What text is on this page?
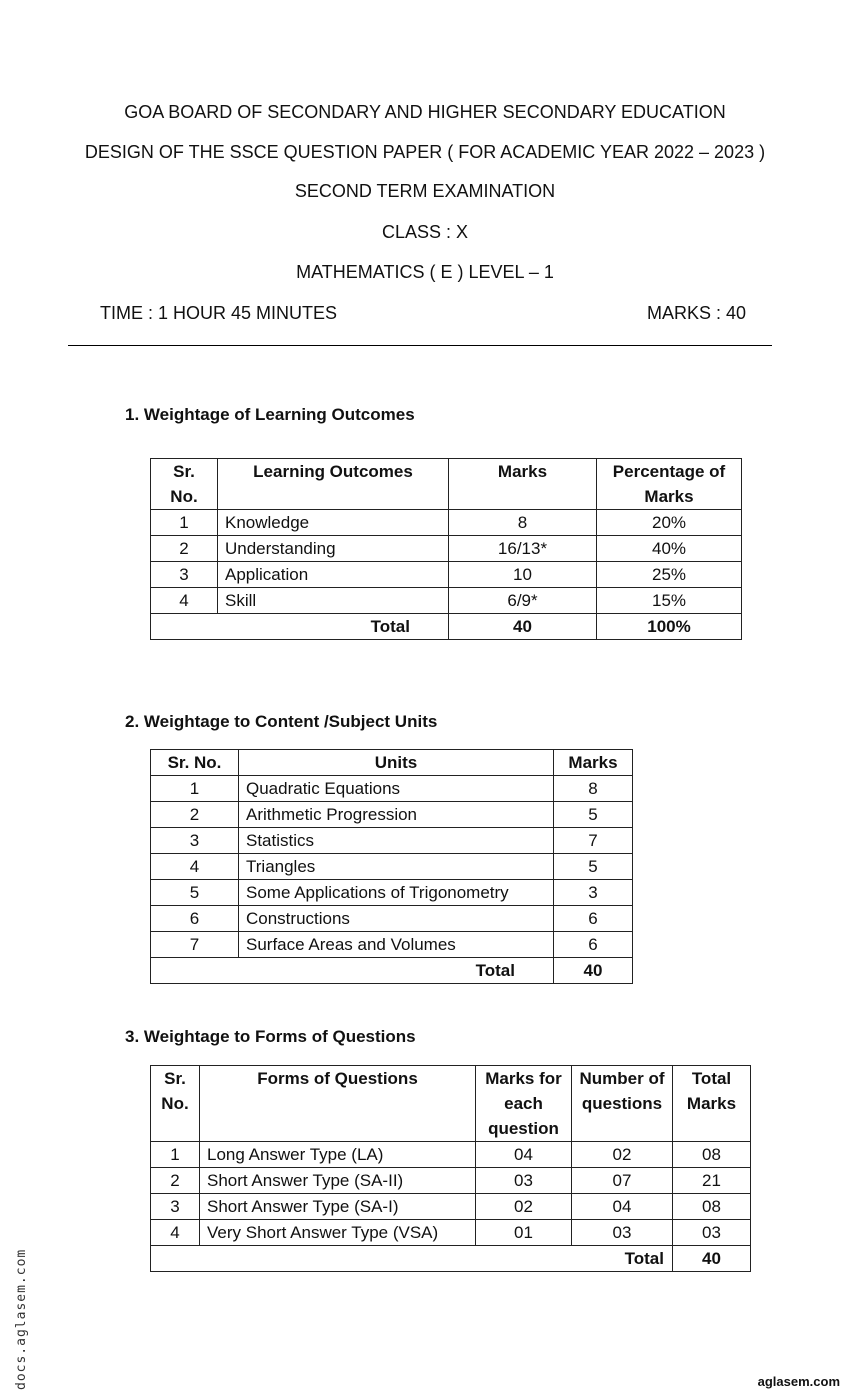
GOA BOARD OF SECONDARY AND HIGHER SECONDARY EDUCATION
DESIGN OF THE SSCE QUESTION PAPER ( FOR ACADEMIC YEAR 2022 – 2023 )
SECOND TERM EXAMINATION
CLASS : X
MATHEMATICS ( E ) LEVEL – 1
TIME : 1 HOUR 45 MINUTES	MARKS : 40
1. Weightage of Learning Outcomes
Sr. No.	Learning Outcomes	Marks	Percentage of Marks
1	Knowledge	8	20%
2	Understanding	16/13*	40%
3	Application	10	25%
4	Skill	6/9*	15%
Total		40	100%
2. Weightage to Content /Subject Units
Sr. No.	Units	Marks
1	Quadratic Equations	8
2	Arithmetic Progression	5
3	Statistics	7
4	Triangles	5
5	Some Applications of Trigonometry	3
6	Constructions	6
7	Surface Areas and Volumes	6
Total		40
3. Weightage to Forms of Questions
Sr. No.	Forms of Questions	Marks for each question	Number of questions	Total Marks
1	Long Answer Type (LA)	04	02	08
2	Short Answer Type (SA-II)	03	07	21
3	Short Answer Type (SA-I)	02	04	08
4	Very Short Answer Type (VSA)	01	03	03
Total				40
docs.aglasem.com	aglasem.com
